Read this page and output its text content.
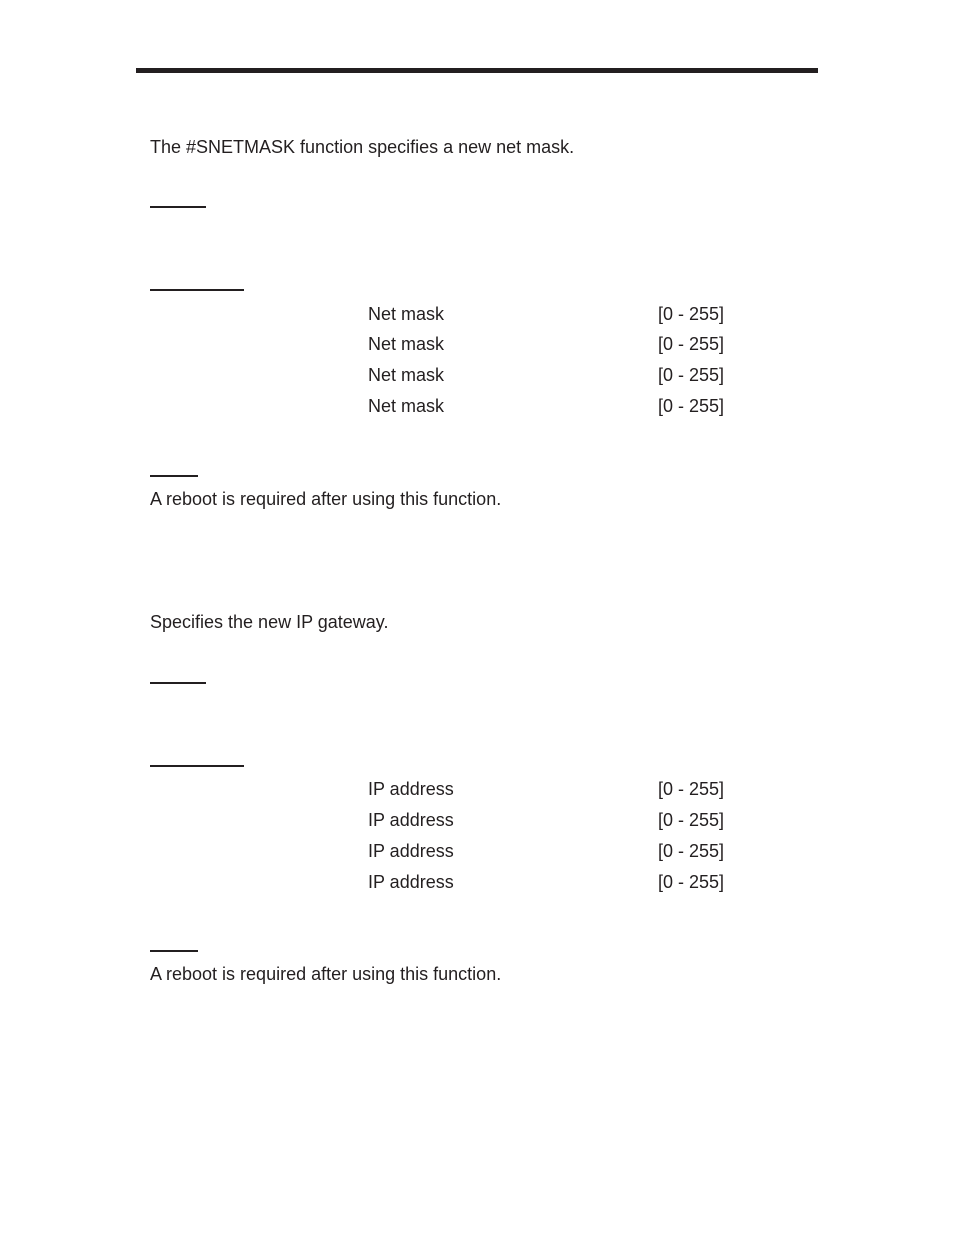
The #SNETMASK function specifies a new net mask.
Net mask	[0 - 255]
Net mask	[0 - 255]
Net mask	[0 - 255]
Net mask	[0 - 255]
A reboot is required after using this function.
Specifies the new IP gateway.
IP address	[0 - 255]
IP address	[0 - 255]
IP address	[0 - 255]
IP address	[0 - 255]
A reboot is required after using this function.
